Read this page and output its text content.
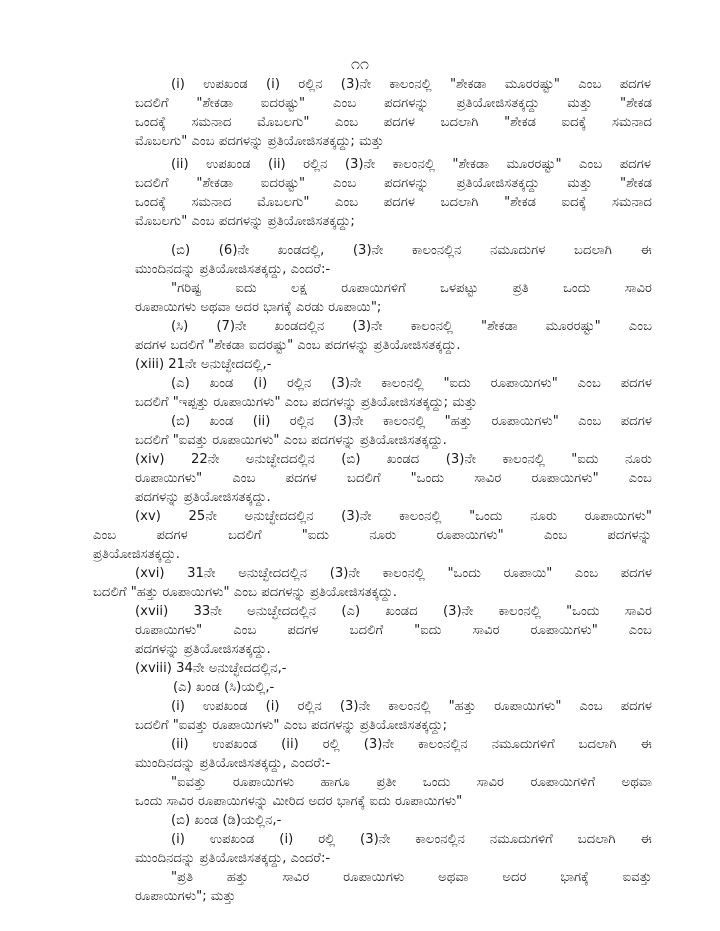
೧೧
(i) ಉಪಖಂಡ (i) ರಲ್ಲಿನ (3)ನೇ ಕಾಲಂನಲ್ಲಿ "ಶೇಕಡಾ ಮೂರರಷ್ಟು" ಎಂಬ ಪದಗಳ
ಬದಲಿಗೆ "ಶೇಕಡಾ ಐದರಷ್ಟು" ಎಂಬ ಪದಗಳನ್ನು ಪ್ರತಿಯೋಜಿಸತಕ್ಕದ್ದು ಮತ್ತು "ಶೇಕಡ
ಒಂದಕ್ಕೆ ಸಮನಾದ ಮೊಬಲಗು" ಎಂಬ ಪದಗಳ ಬದಲಾಗಿ "ಶೇಕಡ ಐದಕ್ಕೆ ಸಮನಾದ
ಮೊಬಲಗು" ಎಂಬ ಪದಗಳನ್ನು ಪ್ರತಿಯೋಜಿಸತಕ್ಕದ್ದು; ಮತ್ತು
(ii) ಉಪಖಂಡ (ii) ರಲ್ಲಿನ (3)ನೇ ಕಾಲಂನಲ್ಲಿ "ಶೇಕಡಾ ಮೂರರಷ್ಟು" ಎಂಬ ಪದಗಳ
ಬದಲಿಗೆ "ಶೇಕಡಾ ಐದರಷ್ಟು" ಎಂಬ ಪದಗಳನ್ನು ಪ್ರತಿಯೋಜಿಸತಕ್ಕದ್ದು ಮತ್ತು "ಶೇಕಡ
ಒಂದಕ್ಕೆ ಸಮನಾದ ಮೊಬಲಗು" ಎಂಬ ಪದಗಳ ಬದಲಾಗಿ "ಶೇಕಡ ಐದಕ್ಕೆ ಸಮನಾದ
ಮೊಬಲಗು" ಎಂಬ ಪದಗಳನ್ನು ಪ್ರತಿಯೋಜಿಸತಕ್ಕದ್ದು;
(ಬಿ) (6)ನೇ ಖಂಡದಲ್ಲಿ, (3)ನೇ ಕಾಲಂನಲ್ಲಿನ ನಮೂದುಗಳ ಬದಲಾಗಿ ಈ
ಮುಂದಿನದನ್ನು ಪ್ರತಿಯೋಜಿಸತಕ್ಕದ್ದು, ಎಂದರೆ:-
"ಗರಿಷ್ಟ ಐದು ಲಕ್ಷ ರೂಪಾಯಿಗಳಿಗೆ ಒಳಪಟ್ಟು ಪ್ರತಿ ಒಂದು ಸಾವಿರ
ರೂಪಾಯಿಗಳು ಅಥವಾ ಅದರ ಭಾಗಕ್ಕೆ ಎರಡು ರೂಪಾಯಿ";
(ಸಿ) (7)ನೇ ಖಂಡದಲ್ಲಿನ (3)ನೇ ಕಾಲಂನಲ್ಲಿ "ಶೇಕಡಾ ಮೂರರಷ್ಟು" ಎಂಬ
ಪದಗಳ ಬದಲಿಗೆ "ಶೇಕಡಾ ಐದರಷ್ಟು" ಎಂಬ ಪದಗಳನ್ನು ಪ್ರತಿಯೋಜಿಸತಕ್ಕದ್ದು.
(xiii) 21ನೇ ಅನುಚ್ಛೇದದಲ್ಲಿ,-
(ಎ) ಖಂಡ (i) ರಲ್ಲಿನ (3)ನೇ ಕಾಲಂನಲ್ಲಿ "ಐದು ರೂಪಾಯಿಗಳು" ಎಂಬ ಪದಗಳ
ಬದಲಿಗೆ "ಇಪ್ಪತ್ತು ರೂಪಾಯಿಗಳು" ಎಂಬ ಪದಗಳನ್ನು ಪ್ರತಿಯೋಜಿಸತಕ್ಕದ್ದು; ಮತ್ತು
(ಬಿ) ಖಂಡ (ii) ರಲ್ಲಿನ (3)ನೇ ಕಾಲಂನಲ್ಲಿ "ಹತ್ತು ರೂಪಾಯಿಗಳು" ಎಂಬ ಪದಗಳ
ಬದಲಿಗೆ "ಐವತ್ತು ರೂಪಾಯಿಗಳು" ಎಂಬ ಪದಗಳನ್ನು ಪ್ರತಿಯೋಜಿಸತಕ್ಕದ್ದು.
(xiv) 22ನೇ ಅನುಚ್ಛೇದದಲ್ಲಿನ (ಬಿ) ಖಂಡದ (3)ನೇ ಕಾಲಂನಲ್ಲಿ "ಐದು ನೂರು
ರೂಪಾಯಿಗಳು" ಎಂಬ ಪದಗಳ ಬದಲಿಗೆ "ಒಂದು ಸಾವಿರ ರೂಪಾಯಿಗಳು" ಎಂಬ
ಪದಗಳನ್ನು ಪ್ರತಿಯೋಜಿಸತಕ್ಕದ್ದು.
(xv) 25ನೇ ಅನುಚ್ಛೇದದಲ್ಲಿನ (3)ನೇ ಕಾಲಂನಲ್ಲಿ "ಒಂದು ನೂರು ರೂಪಾಯಿಗಳು"
ಎಂಬ ಪದಗಳ ಬದಲಿಗೆ "ಐದು ನೂರು ರೂಪಾಯಿಗಳು" ಎಂಬ ಪದಗಳನ್ನು
ಪ್ರತಿಯೋಜಿಸತಕ್ಕದ್ದು.
(xvi) 31ನೇ ಅನುಚ್ಛೇದದಲ್ಲಿನ (3)ನೇ ಕಾಲಂನಲ್ಲಿ "ಒಂದು ರೂಪಾಯಿ" ಎಂಬ ಪದಗಳ
ಬದಲಿಗೆ "ಹತ್ತು ರೂಪಾಯಿಗಳು" ಎಂಬ ಪದಗಳನ್ನು ಪ್ರತಿಯೋಜಿಸತಕ್ಕದ್ದು.
(xvii) 33ನೇ ಅನುಚ್ಛೇದದಲ್ಲಿನ (ಎ) ಖಂಡದ (3)ನೇ ಕಾಲಂನಲ್ಲಿ "ಒಂದು ಸಾವಿರ
ರೂಪಾಯಿಗಳು" ಎಂಬ ಪದಗಳ ಬದಲಿಗೆ "ಐದು ಸಾವಿರ ರೂಪಾಯಿಗಳು" ಎಂಬ
ಪದಗಳನ್ನು ಪ್ರತಿಯೋಜಿಸತಕ್ಕದ್ದು.
(xviii) 34ನೇ ಅನುಚ್ಛೇದದಲ್ಲಿನ,-
(ಎ) ಖಂಡ (ಸಿ)ಯಲ್ಲಿ,-
(i) ಉಪಖಂಡ (i) ರಲ್ಲಿನ (3)ನೇ ಕಾಲಂನಲ್ಲಿ "ಹತ್ತು ರೂಪಾಯಿಗಳು" ಎಂಬ ಪದಗಳ
ಬದಲಿಗೆ "ಐವತ್ತು ರೂಪಾಯಿಗಳು" ಎಂಬ ಪದಗಳನ್ನು ಪ್ರತಿಯೋಜಿಸತಕ್ಕದ್ದು;
(ii) ಉಪಖಂಡ (ii) ರಲ್ಲಿ (3)ನೇ ಕಾಲಂನಲ್ಲಿನ ನಮೂದುಗಳಿಗೆ ಬದಲಾಗಿ ಈ
ಮುಂದಿನದನ್ನು ಪ್ರತಿಯೋಜಿಸತಕ್ಕದ್ದು, ಎಂದರೆ:-
"ಐವತ್ತು ರೂಪಾಯಿಗಳು ಹಾಗೂ ಪ್ರತೀ ಒಂದು ಸಾವಿರ ರೂಪಾಯಿಗಳಿಗೆ ಅಥವಾ
ಒಂದು ಸಾವಿರ ರೂಪಾಯಿಗಳನ್ನು ಮೀರಿದ ಅದರ ಭಾಗಕ್ಕೆ ಐದು ರೂಪಾಯಿಗಳು"
(ಬಿ) ಖಂಡ (ಡಿ)ಯಲ್ಲಿನ,-
(i) ಉಪಖಂಡ (i) ರಲ್ಲಿ (3)ನೇ ಕಾಲಂನಲ್ಲಿನ ನಮೂದುಗಳಿಗೆ ಬದಲಾಗಿ ಈ
ಮುಂದಿನದನ್ನು ಪ್ರತಿಯೋಜಿಸತಕ್ಕದ್ದು, ಎಂದರೆ:-
"ಪ್ರತಿ ಹತ್ತು ಸಾವಿರ ರೂಪಾಯಿಗಳು ಅಥವಾ ಅದರ ಭಾಗಕ್ಕೆ ಐವತ್ತು
ರೂಪಾಯಿಗಳು"; ಮತ್ತು
